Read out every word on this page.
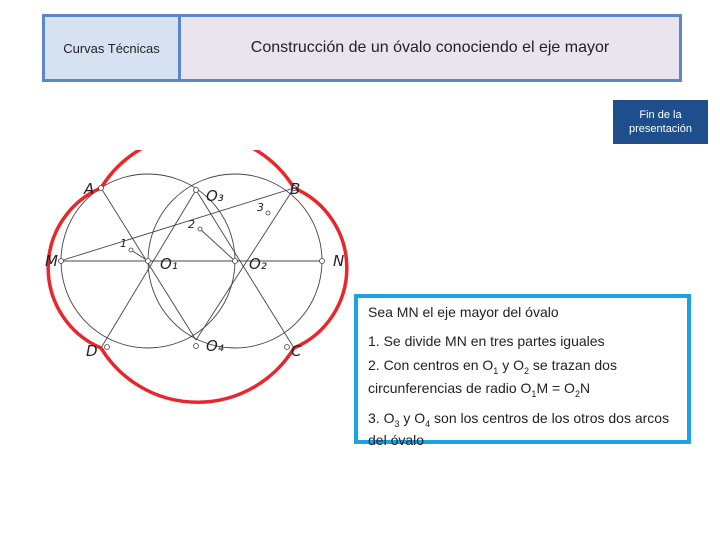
Curvas Técnicas	Construcción de un óvalo conociendo el eje mayor
Fin de la
presentación
A	B
M	N
O₁	O₂
O₃
O₄	C
D
1
2
3

Sea MN el eje mayor del óvalo

1. Se divide MN en tres partes iguales

2. Con centros en $O_1$ y $O_2$ se trazan dos circunferencias de radio $O_1M = O_2N$

3. $O_3$ y $O_4$ son los centros de los otros dos arcos del óvalo
